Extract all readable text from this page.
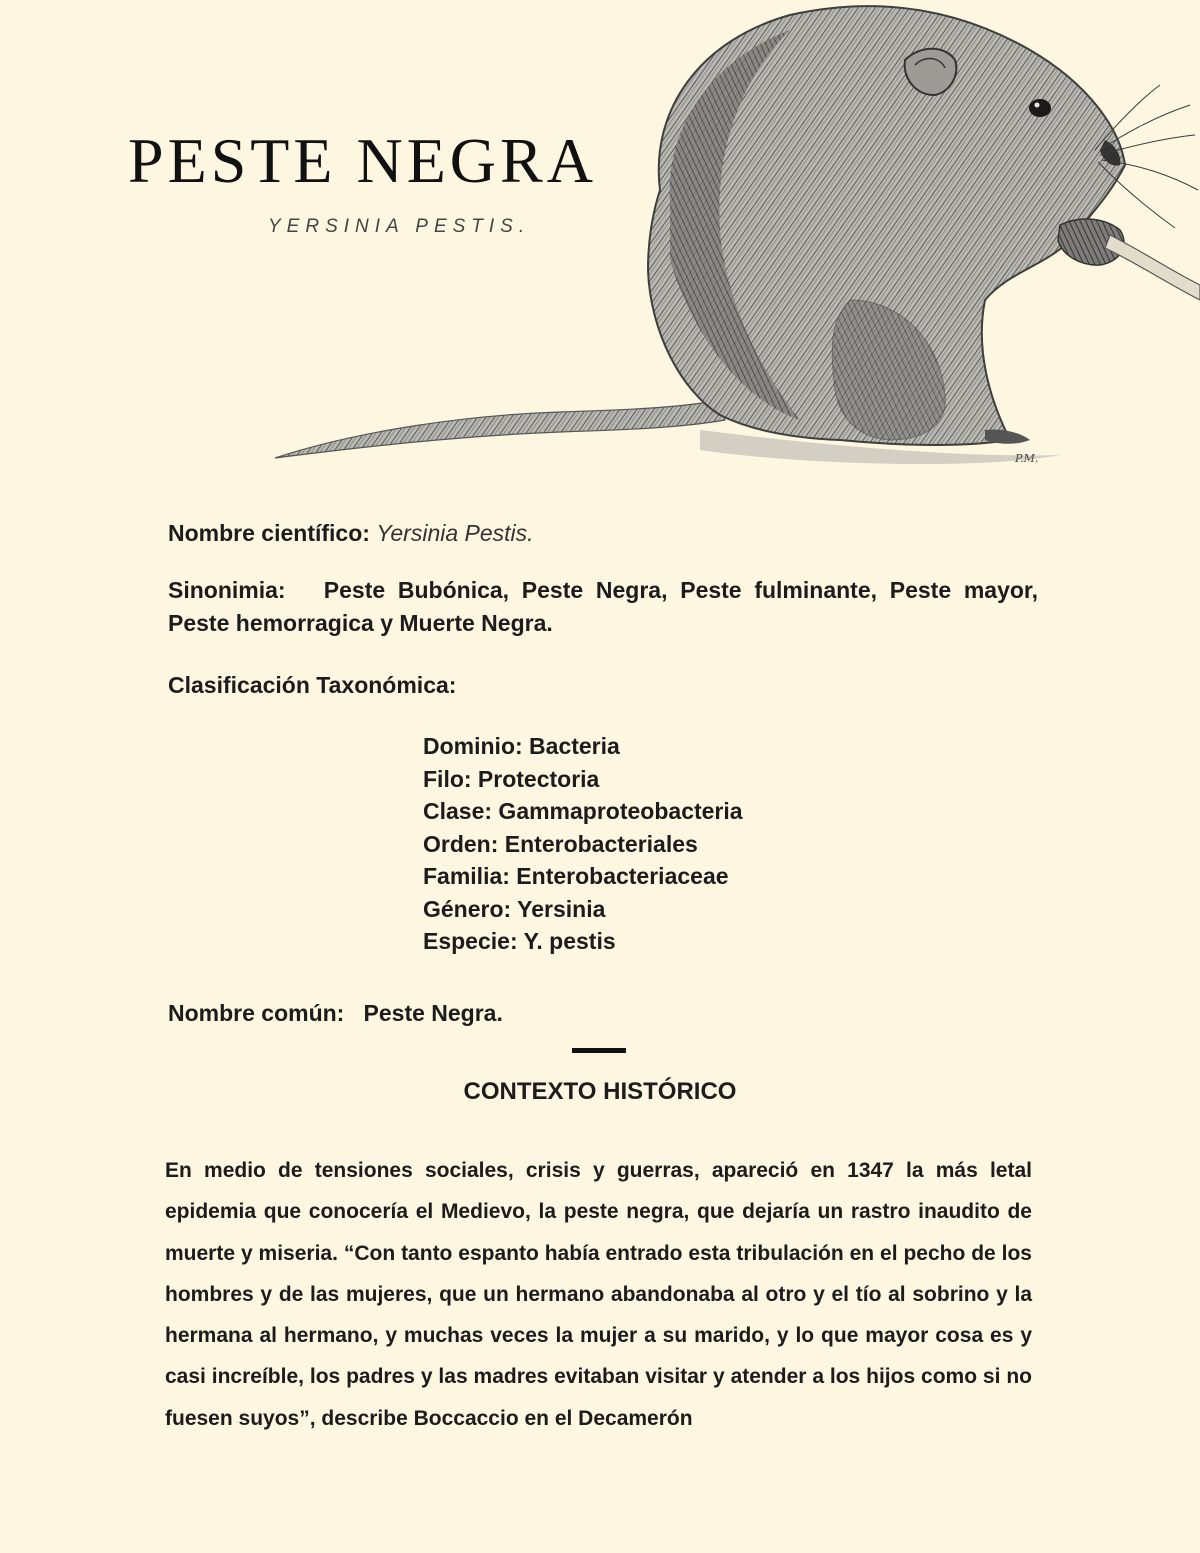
PESTE NEGRA
YERSINIA PESTIS.
P.M.
Nombre científico: Yersinia Pestis.
Sinonimia: Peste Bubónica, Peste Negra, Peste fulminante, Peste mayor, Peste hemorragica y Muerte Negra.
Clasificación Taxonómica:
Dominio: Bacteria
Filo: Protectoria
Clase: Gammaproteobacteria
Orden: Enterobacteriales
Familia: Enterobacteriaceae
Género: Yersinia
Especie: Y. pestis
Nombre común: Peste Negra.
CONTEXTO HISTÓRICO

En medio de tensiones sociales, crisis y guerras, apareció en 1347 la más letal epidemia que conocería el Medievo, la peste negra, que dejaría un rastro inaudito de muerte y miseria. “Con tanto espanto había entrado esta tribulación en el pecho de los hombres y de las mujeres, que un hermano abandonaba al otro y el tío al sobrino y la hermana al hermano, y muchas veces la mujer a su marido, y lo que mayor cosa es y casi increíble, los padres y las madres evitaban visitar y atender a los hijos como si no fuesen suyos”, describe Boccaccio en el Decamerón
